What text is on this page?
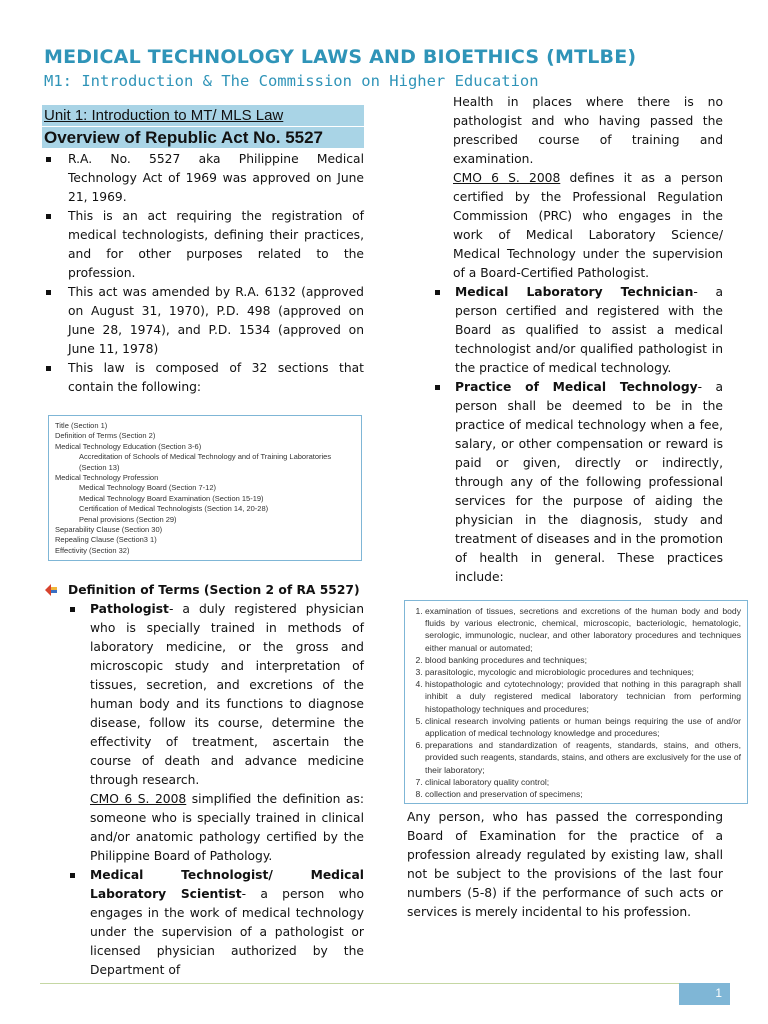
MEDICAL TECHNOLOGY LAWS AND BIOETHICS (MTLBE)
M1: Introduction & The Commission on Higher Education
Unit 1: Introduction to MT/ MLS Law
Overview of Republic Act No. 5527
R.A. No. 5527 aka Philippine Medical Technology Act of 1969 was approved on June 21, 1969.
This is an act requiring the registration of medical technologists, defining their practices, and for other purposes related to the profession.
This act was amended by R.A. 6132 (approved on August 31, 1970), P.D. 498 (approved on June 28, 1974), and P.D. 1534 (approved on June 11, 1978)
This law is composed of 32 sections that contain the following:
Title (Section 1)
Definition of Terms (Section 2)
Medical Technology Education (Section 3-6)
Accreditation of Schools of Medical Technology and of Training Laboratories (Section 13)
Medical Technology Profession
Medical Technology Board (Section 7-12)
Medical Technology Board Examination (Section 15-19)
Certification of Medical Technologists (Section 14, 20-28)
Penal provisions (Section 29)
Separability Clause (Section 30)
Repealing Clause (Section3 1)
Effectivity (Section 32)
Definition of Terms (Section 2 of RA 5527)
Pathologist- a duly registered physician who is specially trained in methods of laboratory medicine, or the gross and microscopic study and interpretation of tissues, secretion, and excretions of the human body and its functions to diagnose disease, follow its course, determine the effectivity of treatment, ascertain the course of death and advance medicine through research.
CMO 6 S. 2008 simplified the definition as: someone who is specially trained in clinical and/or anatomic pathology certified by the Philippine Board of Pathology.
Medical Technologist/ Medical Laboratory Scientist- a person who engages in the work of medical technology under the supervision of a pathologist or licensed physician authorized by the Department of
Health in places where there is no pathologist and who having passed the prescribed course of training and examination.
CMO 6 S. 2008 defines it as a person certified by the Professional Regulation Commission (PRC) who engages in the work of Medical Laboratory Science/ Medical Technology under the supervision of a Board-Certified Pathologist.
Medical Laboratory Technician- a person certified and registered with the Board as qualified to assist a medical technologist and/or qualified pathologist in the practice of medical technology.
Practice of Medical Technology- a person shall be deemed to be in the practice of medical technology when a fee, salary, or other compensation or reward is paid or given, directly or indirectly, through any of the following professional services for the purpose of aiding the physician in the diagnosis, study and treatment of diseases and in the promotion of health in general. These practices include:
1. examination of tissues, secretions and excretions of the human body and body fluids by various electronic, chemical, microscopic, bacteriologic, hematologic, serologic, immunologic, nuclear, and other laboratory procedures and techniques either manual or automated;
2. blood banking procedures and techniques;
3. parasitologic, mycologic and microbiologic procedures and techniques;
4. histopathologic and cytotechnology; provided that nothing in this paragraph shall inhibit a duly registered medical laboratory technician from performing histopathology techniques and procedures;
5. clinical research involving patients or human beings requiring the use of and/or application of medical technology knowledge and procedures;
6. preparations and standardization of reagents, standards, stains, and others, provided such reagents, standards, stains, and others are exclusively for the use of their laboratory;
7. clinical laboratory quality control;
8. collection and preservation of specimens;
Any person, who has passed the corresponding Board of Examination for the practice of a profession already regulated by existing law, shall not be subject to the provisions of the last four numbers (5-8) if the performance of such acts or services is merely incidental to his profession.
1
